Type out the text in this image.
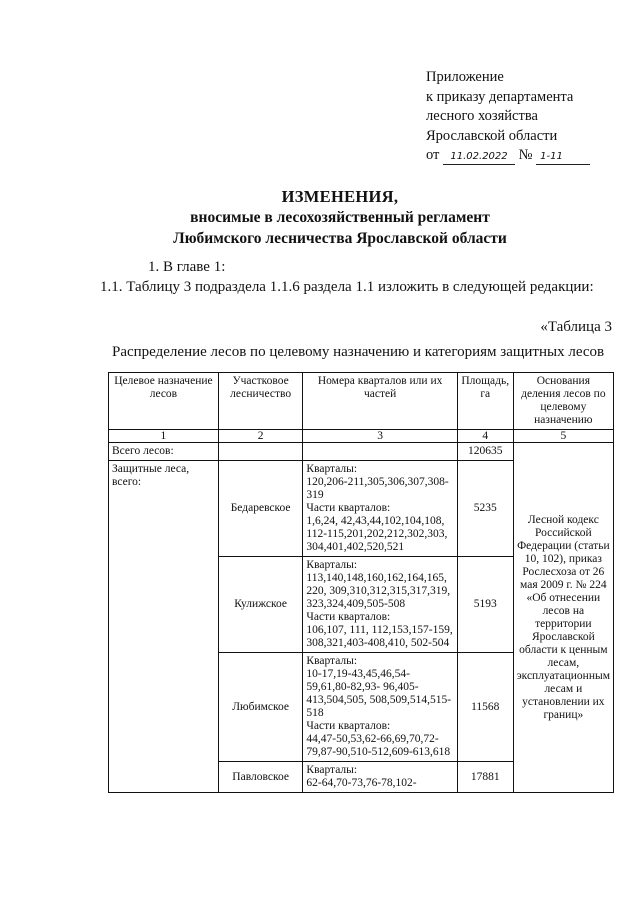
Приложение
к приказу департамента
лесного хозяйства
Ярославской области
от 11.02.2022 № 1-11
ИЗМЕНЕНИЯ,
вносимые в лесохозяйственный регламент
Любимского лесничества Ярославской области
1. В главе 1:
1.1. Таблицу 3 подраздела 1.1.6 раздела 1.1 изложить в следующей редакции:
«Таблица 3
Распределение лесов по целевому назначению и категориям защитных лесов
Целевое назначение лесов	Участковое лесничество	Номера кварталов или их частей	Площадь, га	Основания деления лесов по целевому назначению
1	2	3	4	5
Всего лесов:			120635	Лесной кодекс Российской Федерации (статьи 10, 102), приказ Рослесхоза от 26 мая 2009 г. № 224 «Об отнесении лесов на территории Ярославской области к ценным лесам, эксплуатационным лесам и установлении их границ»
Защитные леса, всего:	Бедаревское	Кварталы:
120,206-211,305,306,307,308-319
Части кварталов:
1,6,24, 42,43,44,102,104,108, 112-115,201,202,212,302,303, 304,401,402,520,521	5235	
	Кулижское	Кварталы:
113,140,148,160,162,164,165, 220, 309,310,312,315,317,319, 323,324,409,505-508
Части кварталов:
106,107, 111, 112,153,157-159, 308,321,403-408,410, 502-504	5193	
	Любимское	Кварталы:
10-17,19-43,45,46,54-59,61,80-82,93- 96,405-413,504,505, 508,509,514,515-518
Части кварталов:
44,47-50,53,62-66,69,70,72-79,87-90,510-512,609-613,618	11568	
	Павловское	Кварталы:
62-64,70-73,76-78,102-	17881	
